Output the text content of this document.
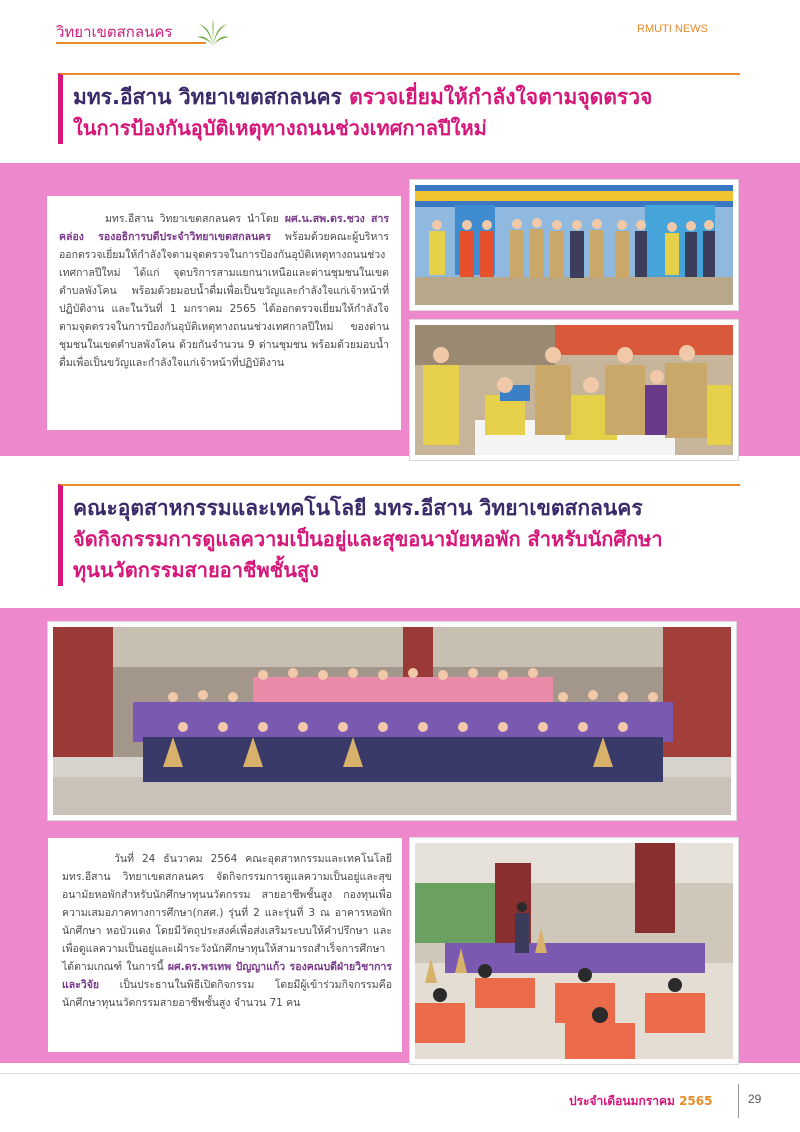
วิทยาเขตสกลนคร	RMUTI NEWS
มทร.อีสาน วิทยาเขตสกลนคร ตรวจเยี่ยมให้กำลังใจตามจุดตรวจ
ในการป้องกันอุบัติเหตุทางถนนช่วงเทศกาลปีใหม่

มทร.อีสาน วิทยาเขตสกลนคร นำโดย ผศ.น.สพ.ดร.ชวง สารคล่อง รองอธิการบดีประจำวิทยาเขตสกลนคร พร้อมด้วยคณะผู้บริหาร ออกตรวจเยี่ยมให้กำลังใจตามจุดตรวจในการป้องกันอุบัติเหตุทางถนนช่วงเทศกาลปีใหม่ ได้แก่ จุดบริการสามแยกนาเหนือและด่านชุมชนในเขตตำบลพังโคน พร้อมด้วยมอบน้ำดื่มเพื่อเป็นขวัญและกำลังใจแก่เจ้าหน้าที่ปฏิบัติงาน และในวันที่ 1 มกราคม 2565 ได้ออกตรวจเยี่ยมให้กำลังใจตามจุดตรวจในการป้องกันอุบัติเหตุทางถนนช่วงเทศกาลปีใหม่ ของด่านชุมชนในเขตตำบลพังโคน ด้วยกันจำนวน 9 ด่านชุมชน พร้อมด้วยมอบน้ำดื่มเพื่อเป็นขวัญและกำลังใจแก่เจ้าหน้าที่ปฏิบัติงาน

คณะอุตสาหกรรมและเทคโนโลยี มทร.อีสาน วิทยาเขตสกลนคร
จัดกิจกรรมการดูแลความเป็นอยู่และสุขอนามัยหอพัก สำหรับนักศึกษา
ทุนนวัตกรรมสายอาชีพชั้นสูง

วันที่ 24 ธันวาคม 2564 คณะอุตสาหกรรมและเทคโนโลยี มทร.อีสาน วิทยาเขตสกลนคร จัดกิจกรรมการดูแลความเป็นอยู่และสุขอนามัยหอพักสำหรับนักศึกษาทุนนวัตกรรม สายอาชีพชั้นสูง กองทุนเพื่อความเสมอภาคทางการศึกษา(กสศ.) รุ่นที่ 2 และรุ่นที่ 3 ณ อาคารหอพักนักศึกษา หอบัวแดง โดยมีวัตถุประสงค์เพื่อส่งเสริมระบบให้คำปรึกษา และเพื่อดูแลความเป็นอยู่และเฝ้าระวังนักศึกษาทุนให้สามารถสำเร็จการศึกษาได้ตามเกณฑ์ ในการนี้ ผศ.ดร.พรเทพ ปัญญาแก้ว รองคณบดีฝ่ายวิชาการและวิจัย เป็นประธานในพิธีเปิดกิจกรรม โดยมีผู้เข้าร่วมกิจกรรมคือนักศึกษาทุนนวัตกรรมสายอาชีพชั้นสูง จำนวน 71 คน

ประจำเดือนมกราคม 2565	29
